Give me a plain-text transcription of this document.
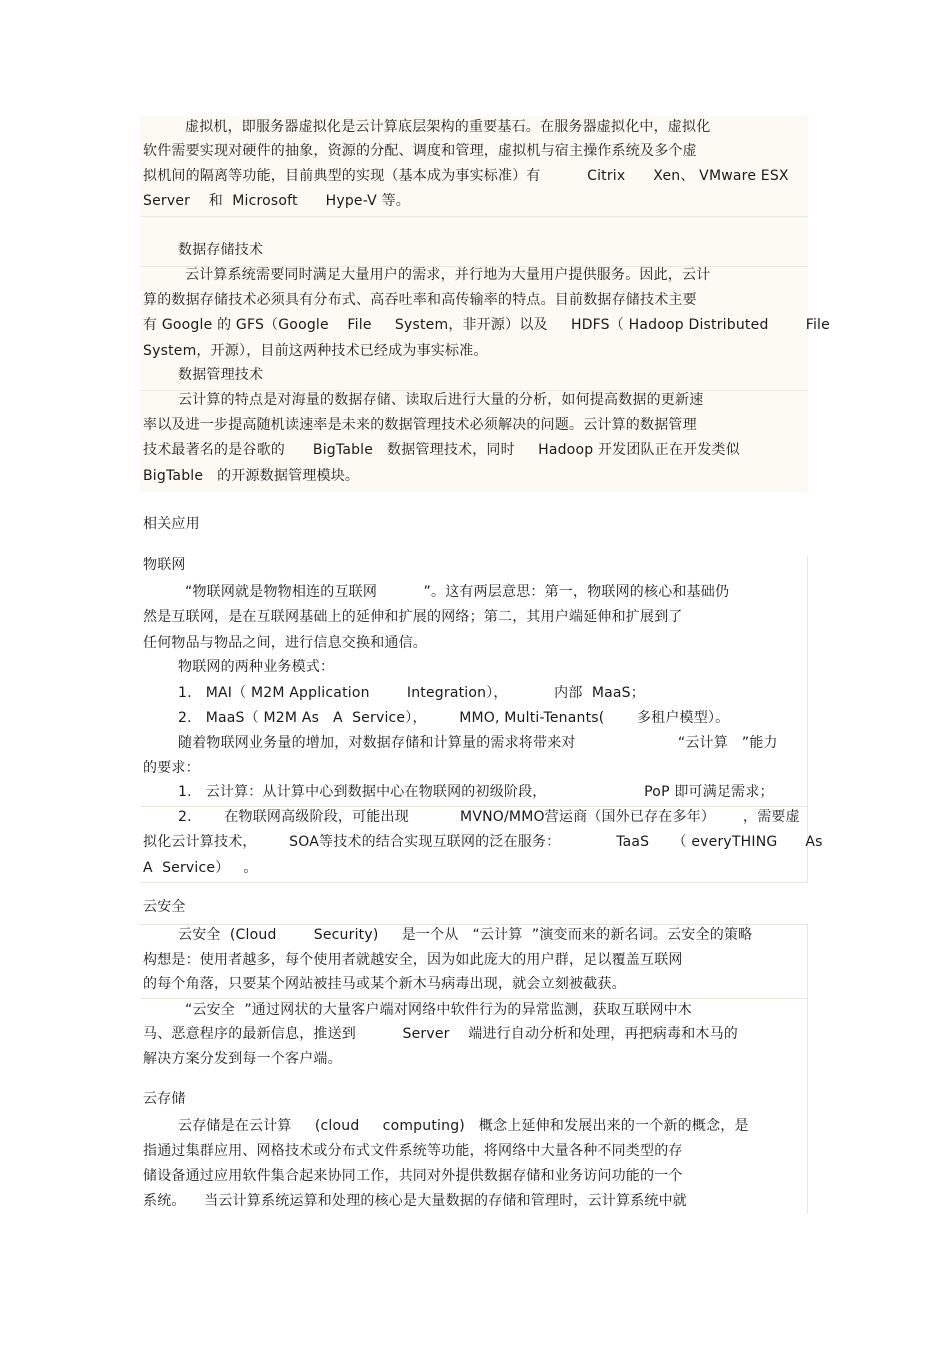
虚拟机，即服务器虚拟化是云计算底层架构的重要基石。在服务器虚拟化中，虚拟化
软件需要实现对硬件的抽象，资源的分配、调度和管理，虚拟机与宿主操作系统及多个虚
拟机间的隔离等功能，目前典型的实现（基本成为事实标准）有          Citrix      Xen、 VMware ESX
Server    和  Microsoft      Hype-V 等。
数据存储技术
云计算系统需要同时满足大量用户的需求，并行地为大量用户提供服务。因此，云计
算的数据存储技术必须具有分布式、高吞吐率和高传输率的特点。目前数据存储技术主要
有 Google 的 GFS（Google    File     System，非开源）以及     HDFS（ Hadoop Distributed        File
System，开源），目前这两种技术已经成为事实标准。
数据管理技术
云计算的特点是对海量的数据存储、读取后进行大量的分析，如何提高数据的更新速
率以及进一步提高随机读速率是未来的数据管理技术必须解决的问题。云计算的数据管理
技术最著名的是谷歌的      BigTable   数据管理技术，同时     Hadoop 开发团队正在开发类似
BigTable   的开源数据管理模块。
相关应用
物联网
“物联网就是物物相连的互联网          ”。这有两层意思：第一，物联网的核心和基础仍
然是互联网，是在互联网基础上的延伸和扩展的网络；第二，其用户端延伸和扩展到了
任何物品与物品之间，进行信息交换和通信。
物联网的两种业务模式：
1.   MAI（ M2M Application        Integration），          内部  MaaS；
2.   MaaS（ M2M As   A  Service），       MMO, Multi-Tenants(       多租户模型）。
随着物联网业务量的增加，对数据存储和计算量的需求将带来对                      “云计算   ”能力
的要求：
1.   云计算：从计算中心到数据中心在物联网的初级阶段，                     PoP 即可满足需求；
2.       在物联网高级阶段，可能出现           MVNO/MMO营运商（国外已存在多年）      ，需要虚
拟化云计算技术，       SOA等技术的结合实现互联网的泛在服务：            TaaS     （ everyTHING      As
A  Service）   。
云安全
云安全  (Cloud        Security)     是一个从   “云计算  ”演变而来的新名词。云安全的策略
构想是：使用者越多，每个使用者就越安全，因为如此庞大的用户群，足以覆盖互联网
的每个角落，只要某个网站被挂马或某个新木马病毒出现，就会立刻被截获。
“云安全  ”通过网状的大量客户端对网络中软件行为的异常监测，获取互联网中木
马、恶意程序的最新信息，推送到          Server    端进行自动分析和处理，再把病毒和木马的
解决方案分发到每一个客户端。
云存储
云存储是在云计算     (cloud     computing)   概念上延伸和发展出来的一个新的概念，是
指通过集群应用、网格技术或分布式文件系统等功能，将网络中大量各种不同类型的存
储设备通过应用软件集合起来协同工作，共同对外提供数据存储和业务访问功能的一个
系统。    当云计算系统运算和处理的核心是大量数据的存储和管理时，云计算系统中就
